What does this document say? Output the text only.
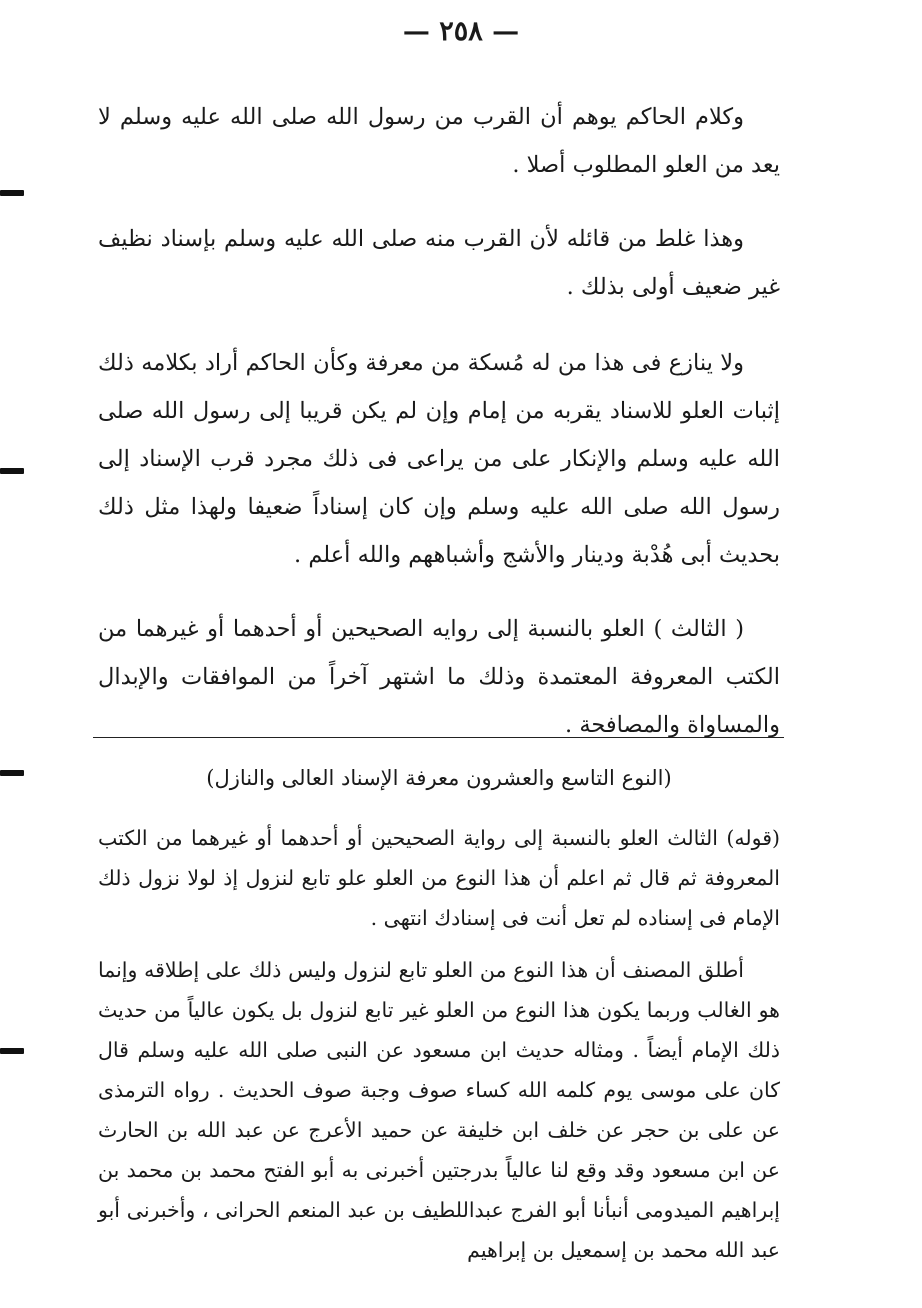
— ٢٥٨ —
وكلام الحاكم يوهم أن القرب من رسول الله صلى الله عليه وسلم لا يعد من العلو المطلوب أصلا .
وهذا غلط من قائله لأن القرب منه صلى الله عليه وسلم بإسناد نظيف غير ضعيف أولى بذلك .
ولا ينازع فى هذا من له مُسكة من معرفة وكأن الحاكم أراد بكلامه ذلك إثبات العلو للاسناد يقربه من إمام وإن لم يكن قريبا إلى رسول الله صلى الله عليه وسلم والإنكار على من يراعى فى ذلك مجرد قرب الإسناد إلى رسول الله صلى الله عليه وسلم وإن كان إسناداً ضعيفا ولهذا مثل ذلك بحديث أبى هُدْبة ودينار والأشج وأشباههم والله أعلم .
( الثالث ) العلو بالنسبة إلى روايه الصحيحين أو أحدهما أو غيرهما من الكتب المعروفة المعتمدة وذلك ما اشتهر آخراً من الموافقات والإبدال والمساواة والمصافحة .
(النوع التاسع والعشرون معرفة الإسناد العالى والنازل)
(قوله) الثالث العلو بالنسبة إلى رواية الصحيحين أو أحدهما أو غيرهما من الكتب المعروفة ثم قال ثم اعلم أن هذا النوع من العلو علو تابع لنزول إذ لولا نزول ذلك الإمام فى إسناده لم تعل أنت فى إسنادك انتهى .
أطلق المصنف أن هذا النوع من العلو تابع لنزول وليس ذلك على إطلاقه وإنما هو الغالب وربما يكون هذا النوع من العلو غير تابع لنزول بل يكون عالياً من حديث ذلك الإمام أيضاً . ومثاله حديث ابن مسعود عن النبى صلى الله عليه وسلم قال كان على موسى يوم كلمه الله كساء صوف وجبة صوف الحديث . رواه الترمذى عن على بن حجر عن خلف ابن خليفة عن حميد الأعرج عن عبد الله بن الحارث عن ابن مسعود وقد وقع لنا عالياً بدرجتين أخبرنى به أبو الفتح محمد بن محمد بن إبراهيم الميدومى أنبأنا أبو الفرج عبداللطيف بن عبد المنعم الحرانى ، وأخبرنى أبو عبد الله محمد بن إسمعيل بن إبراهيم
